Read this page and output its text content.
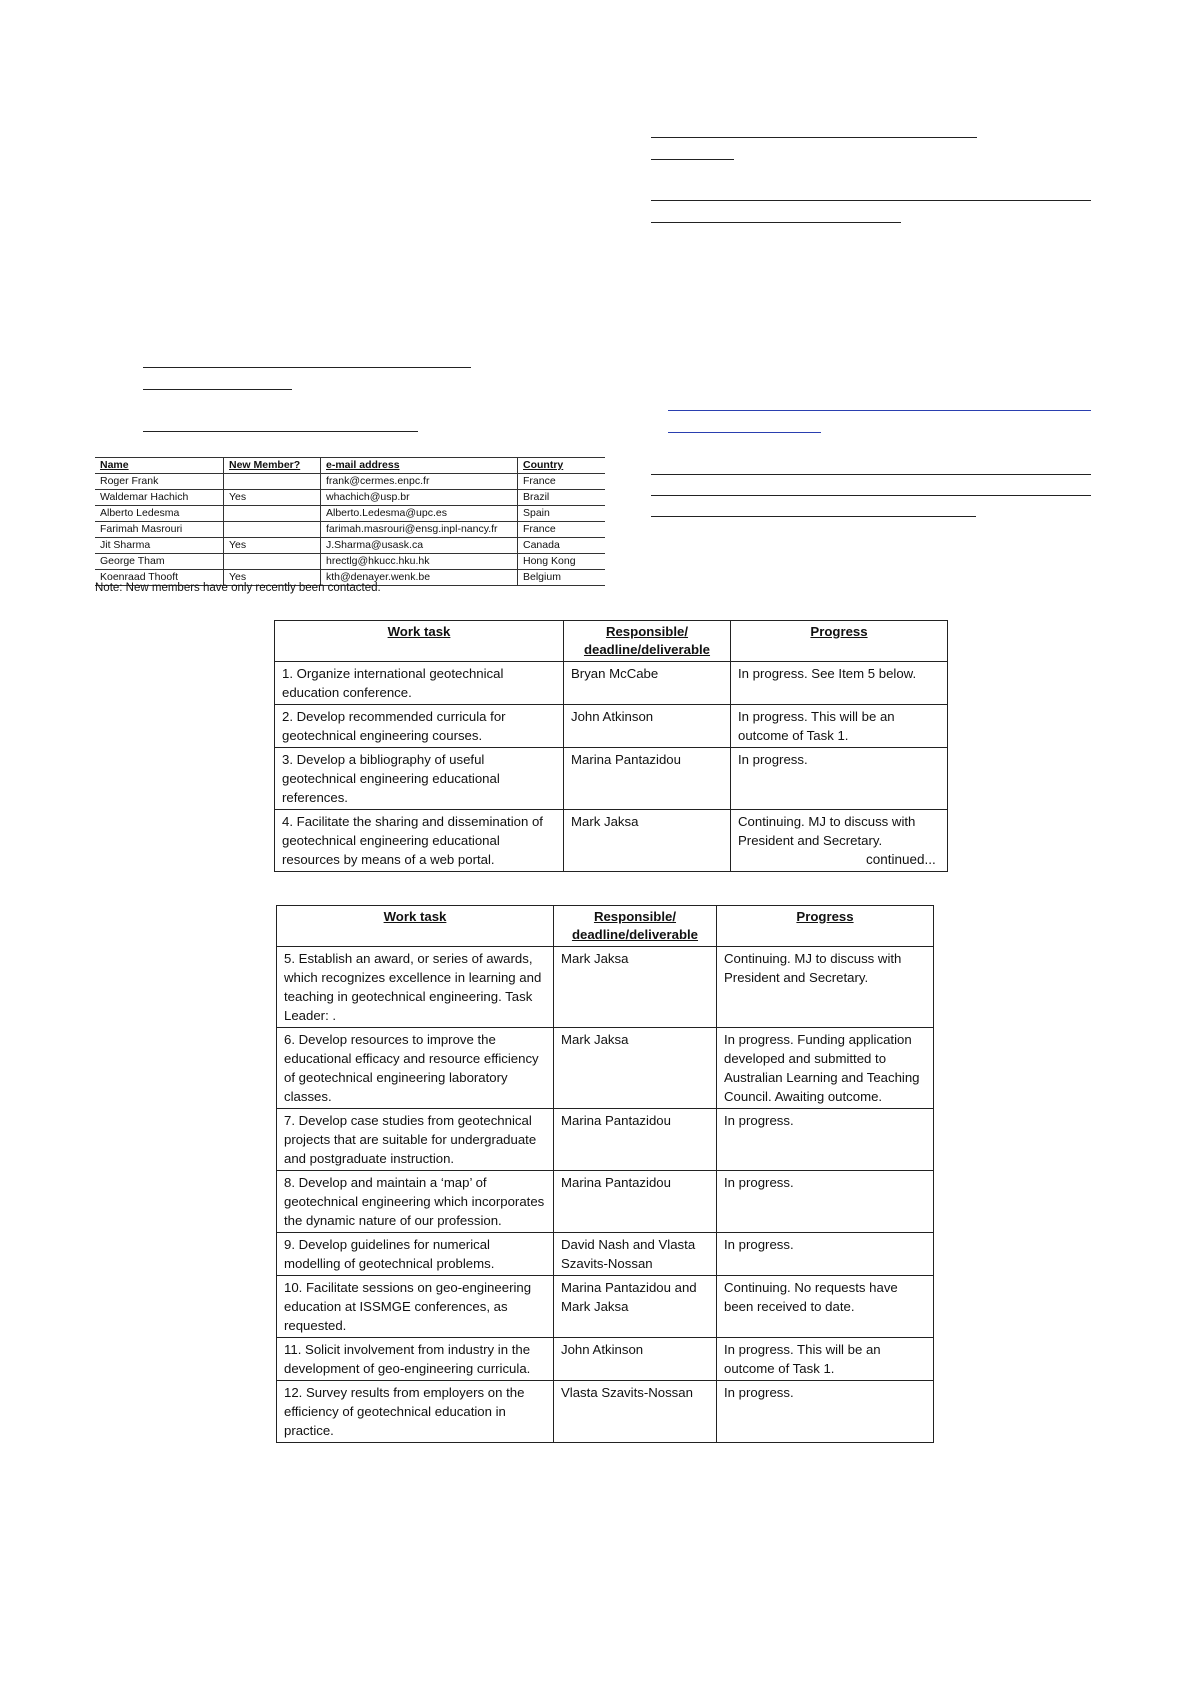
Name	New Member?	e-mail address	Country
Roger Frank		frank@cermes.enpc.fr	France
Waldemar Hachich	Yes	whachich@usp.br	Brazil
Alberto Ledesma		Alberto.Ledesma@upc.es	Spain
Farimah Masrouri		farimah.masrouri@ensg.inpl-nancy.fr	France
Jit Sharma	Yes	J.Sharma@usask.ca	Canada
George Tham		hrectlg@hkucc.hku.hk	Hong Kong
Koenraad Thooft	Yes	kth@denayer.wenk.be	Belgium
Note: New members have only recently been contacted.
Work task	Responsible/ deadline/deliverable	Progress
1. Organize international geotechnical education conference.	Bryan McCabe	In progress. See Item 5 below.
2. Develop recommended curricula for geotechnical engineering courses.	John Atkinson	In progress. This will be an outcome of Task 1.
3. Develop a bibliography of useful geotechnical engineering educational references.	Marina Pantazidou	In progress.
4. Facilitate the sharing and dissemination of geotechnical engineering educational resources by means of a web portal.	Mark Jaksa	Continuing. MJ to discuss with President and Secretary.
continued...
Work task	Responsible/ deadline/deliverable	Progress
5. Establish an award, or series of awards, which recognizes excellence in learning and teaching in geotechnical engineering. Task Leader: .	Mark Jaksa	Continuing. MJ to discuss with President and Secretary.
6. Develop resources to improve the educational efficacy and resource efficiency of geotechnical engineering laboratory classes.	Mark Jaksa	In progress. Funding application developed and submitted to Australian Learning and Teaching Council. Awaiting outcome.
7. Develop case studies from geotechnical projects that are suitable for undergraduate and postgraduate instruction.	Marina Pantazidou	In progress.
8. Develop and maintain a ‘map’ of geotechnical engineering which incorporates the dynamic nature of our profession.	Marina Pantazidou	In progress.
9. Develop guidelines for numerical modelling of geotechnical problems.	David Nash and Vlasta Szavits-Nossan	In progress.
10. Facilitate sessions on geo-engineering education at ISSMGE conferences, as requested.	Marina Pantazidou and Mark Jaksa	Continuing. No requests have been received to date.
11. Solicit involvement from industry in the development of geo-engineering curricula.	John Atkinson	In progress. This will be an outcome of Task 1.
12. Survey results from employers on the efficiency of geotechnical education in practice.	Vlasta Szavits-Nossan	In progress.
